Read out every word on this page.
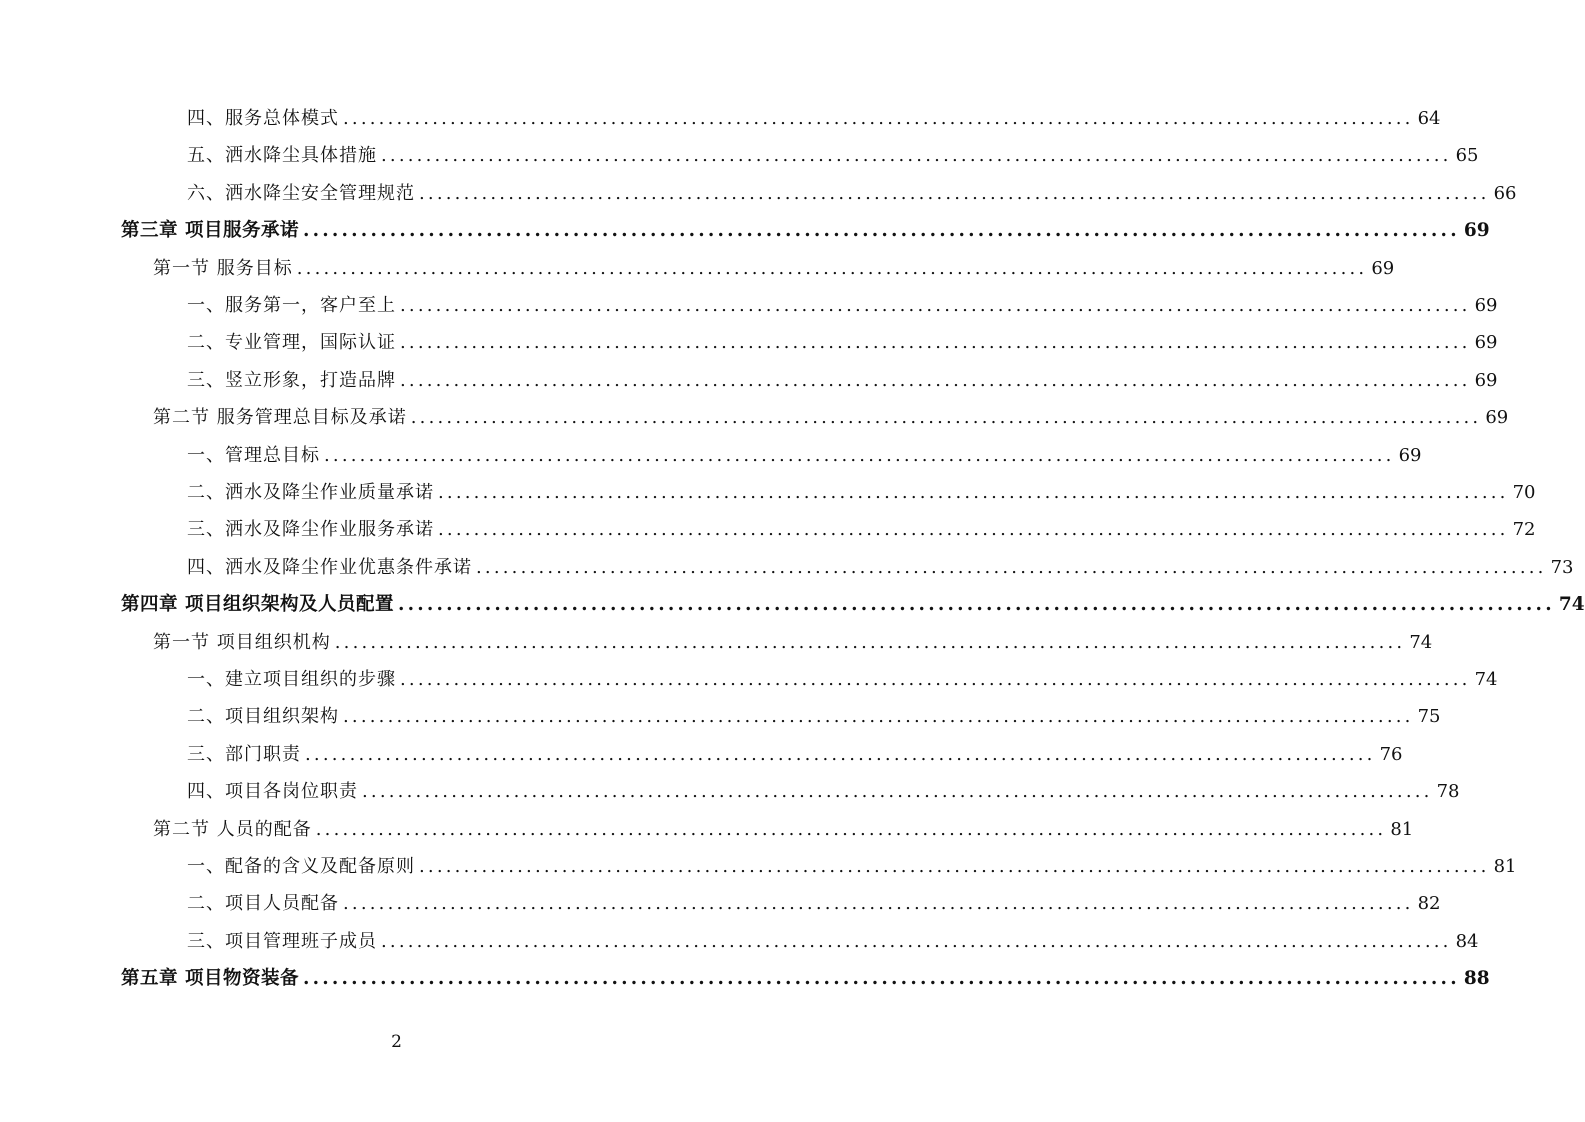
四、服务总体模式 ........................................................................................................................ 64
五、洒水降尘具体措施 ........................................................................................................................ 65
六、洒水降尘安全管理规范 ........................................................................................................................ 66
第三章 项目服务承诺 ........................................................................................................................ 69
第一节 服务目标 ........................................................................................................................ 69
一、服务第一，客户至上 ........................................................................................................................ 69
二、专业管理，国际认证 ........................................................................................................................ 69
三、竖立形象，打造品牌 ........................................................................................................................ 69
第二节 服务管理总目标及承诺 ........................................................................................................................ 69
一、管理总目标 ........................................................................................................................ 69
二、洒水及降尘作业质量承诺 ........................................................................................................................ 70
三、洒水及降尘作业服务承诺 ........................................................................................................................ 72
四、洒水及降尘作业优惠条件承诺 ........................................................................................................................ 73
第四章 项目组织架构及人员配置 ........................................................................................................................ 74
第一节 项目组织机构 ........................................................................................................................ 74
一、建立项目组织的步骤 ........................................................................................................................ 74
二、项目组织架构 ........................................................................................................................ 75
三、部门职责 ........................................................................................................................ 76
四、项目各岗位职责 ........................................................................................................................ 78
第二节 人员的配备 ........................................................................................................................ 81
一、配备的含义及配备原则 ........................................................................................................................ 81
二、项目人员配备 ........................................................................................................................ 82
三、项目管理班子成员 ........................................................................................................................ 84
第五章 项目物资装备 ........................................................................................................................ 88
2
